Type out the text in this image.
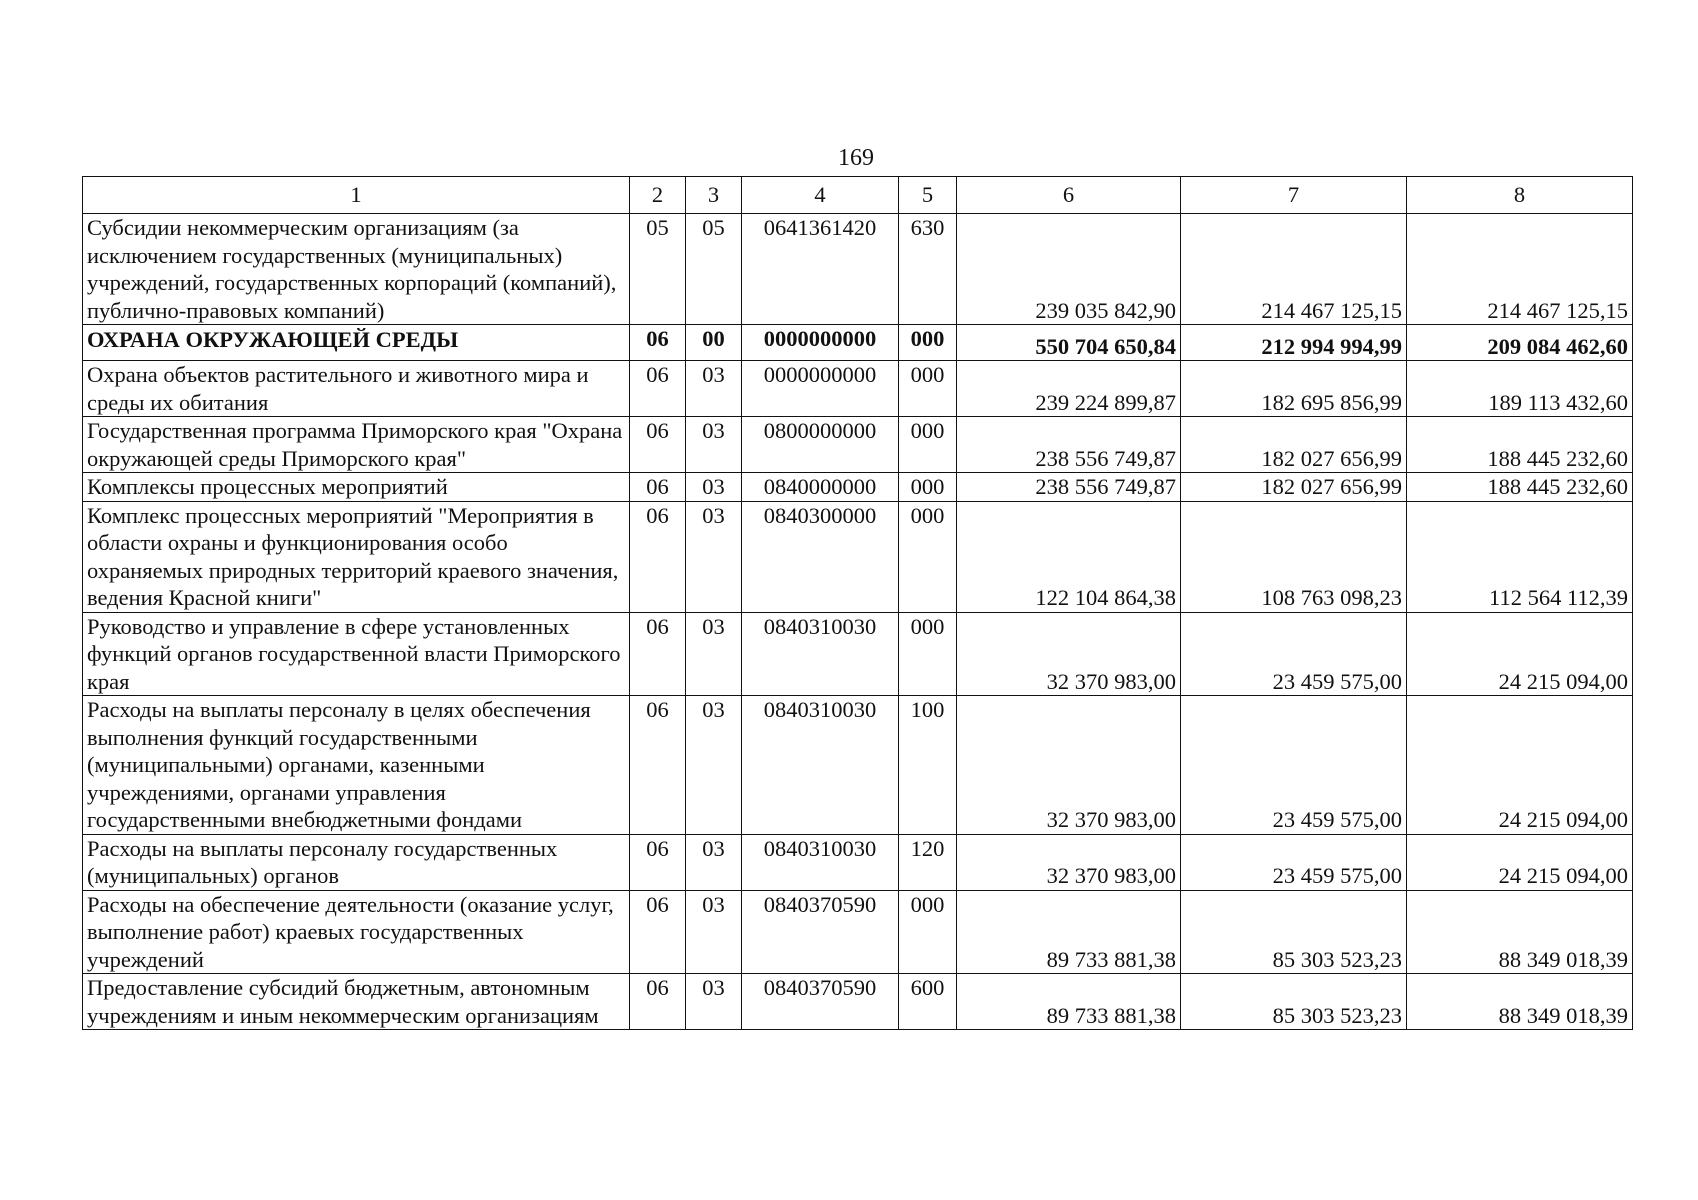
169
1	2	3	4	5	6	7	8
Субсидии некоммерческим организациям (за исключением государственных (муниципальных) учреждений, государственных корпораций (компаний), публично-правовых компаний)	05	05	0641361420	630	239 035 842,90	214 467 125,15	214 467 125,15
ОХРАНА ОКРУЖАЮЩЕЙ СРЕДЫ	06	00	0000000000	000	550 704 650,84	212 994 994,99	209 084 462,60
Охрана объектов растительного и животного мира и среды их обитания	06	03	0000000000	000	239 224 899,87	182 695 856,99	189 113 432,60
Государственная программа Приморского края "Охрана окружающей среды Приморского края"	06	03	0800000000	000	238 556 749,87	182 027 656,99	188 445 232,60
Комплексы процессных мероприятий	06	03	0840000000	000	238 556 749,87	182 027 656,99	188 445 232,60
Комплекс процессных мероприятий "Мероприятия в области охраны и функционирования особо охраняемых природных территорий краевого значения, ведения Красной книги"	06	03	0840300000	000	122 104 864,38	108 763 098,23	112 564 112,39
Руководство и управление в сфере установленных функций органов государственной власти Приморского края	06	03	0840310030	000	32 370 983,00	23 459 575,00	24 215 094,00
Расходы на выплаты персоналу в целях обеспечения выполнения функций государственными (муниципальными) органами, казенными учреждениями, органами управления государственными внебюджетными фондами	06	03	0840310030	100	32 370 983,00	23 459 575,00	24 215 094,00
Расходы на выплаты персоналу государственных (муниципальных) органов	06	03	0840310030	120	32 370 983,00	23 459 575,00	24 215 094,00
Расходы на обеспечение деятельности (оказание услуг, выполнение работ) краевых государственных учреждений	06	03	0840370590	000	89 733 881,38	85 303 523,23	88 349 018,39
Предоставление субсидий бюджетным, автономным учреждениям и иным некоммерческим организациям	06	03	0840370590	600	89 733 881,38	85 303 523,23	88 349 018,39
